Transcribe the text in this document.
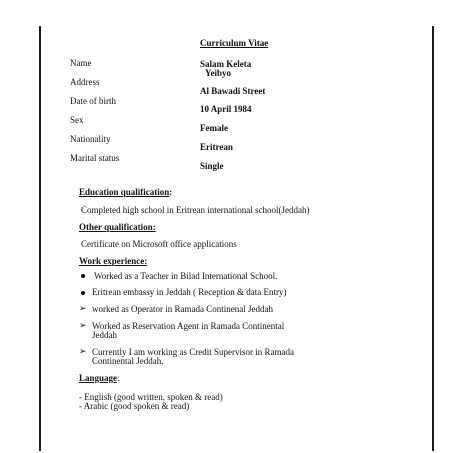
Curriculum Vitae
Name
Address
Date of birth
Sex
Nationality
Marital status
Salam Keleta
Yeibyo
Al Bawadi Street
10 April 1984
Female
Eritrean
Single
Education qualification:
Completed high school in Eritrean international school(Jeddah)
Other qualification:
Certificate on Microsoft office applications
Work experience:
Worked as a Teacher in Bilad International School.
Eritrean embassy in Jeddah ( Reception & data Entry)
➢ worked as Operator in Ramada Continenal Jeddah
➢ Worked as Reservation Agent in Ramada Continental
Jeddah
➢ Currently I am working as Credit Supervisor in Ramada
Continental Jeddah.
Language:
- English (good written, spoken & read)
- Arabic (good spoken & read)
